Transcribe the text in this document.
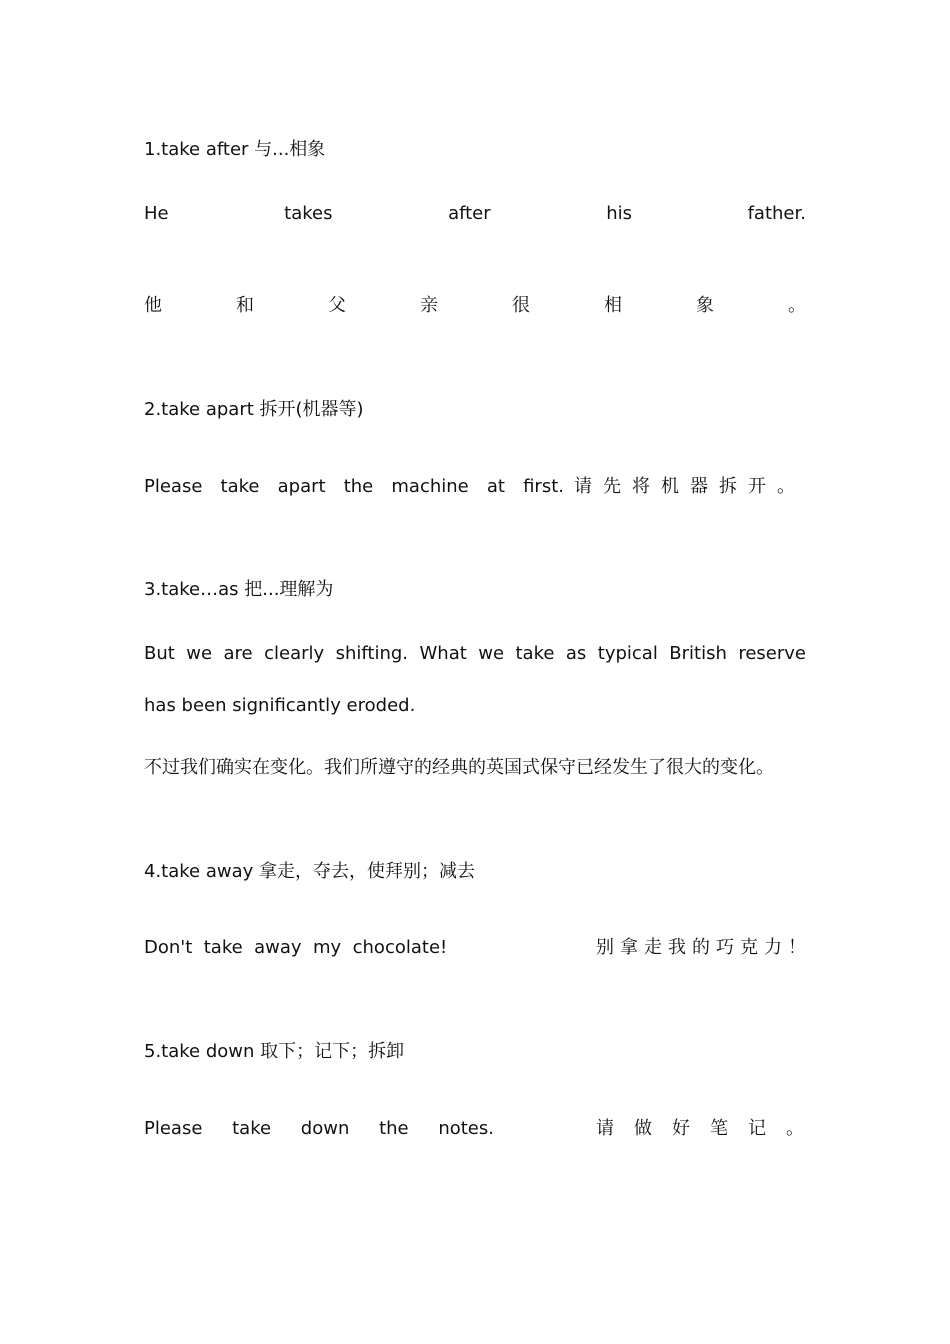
1.take after 与...相象
He	takes	after	his	father.
他	和	父	亲	很	相	象	。
2.take apart 拆开(机器等)
Please take apart the machine at first. 请先将机器拆开。
3.take…as 把...理解为
But we are clearly shifting. What we take as typical British reserve
has been significantly eroded.
不过我们确实在变化。我们所遵守的经典的英国式保守已经发生了很大的变化。
4.take away 拿走，夺去，使拜别；减去
Don't  take  away  my  chocolate!	别拿走我的巧克力！
5.take down 取下；记下；拆卸
Please take down the notes.	请做好笔记。
